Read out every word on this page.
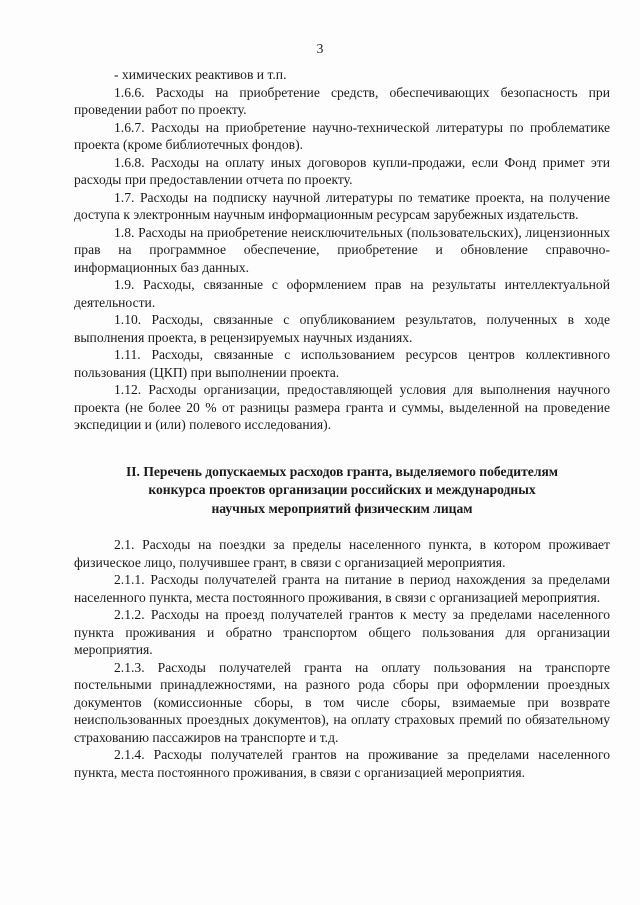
3

- химических реактивов и т.п.

1.6.6. Расходы на приобретение средств, обеспечивающих безопасность при проведении работ по проекту.

1.6.7. Расходы на приобретение научно-технической литературы по проблематике проекта (кроме библиотечных фондов).

1.6.8. Расходы на оплату иных договоров купли-продажи, если Фонд примет эти расходы при предоставлении отчета по проекту.

1.7. Расходы на подписку научной литературы по тематике проекта, на получение доступа к электронным научным информационным ресурсам зарубежных издательств.

1.8. Расходы на приобретение неисключительных (пользовательских), лицензионных прав на программное обеспечение, приобретение и обновление справочно-информационных баз данных.

1.9. Расходы, связанные с оформлением прав на результаты интеллектуальной деятельности.

1.10. Расходы, связанные с опубликованием результатов, полученных в ходе выполнения проекта, в рецензируемых научных изданиях.

1.11. Расходы, связанные с использованием ресурсов центров коллективного пользования (ЦКП) при выполнении проекта.

1.12. Расходы организации, предоставляющей условия для выполнения научного проекта (не более 20 % от разницы размера гранта и суммы, выделенной на проведение экспедиции и (или) полевого исследования).

II. Перечень допускаемых расходов гранта, выделяемого победителям
конкурса проектов организации российских и международных
научных мероприятий физическим лицам

2.1. Расходы на поездки за пределы населенного пункта, в котором проживает физическое лицо, получившее грант, в связи с организацией мероприятия.

2.1.1. Расходы получателей гранта на питание в период нахождения за пределами населенного пункта, места постоянного проживания, в связи с организацией мероприятия.

2.1.2. Расходы на проезд получателей грантов к месту за пределами населенного пункта проживания и обратно транспортом общего пользования для организации мероприятия.

2.1.3. Расходы получателей гранта на оплату пользования на транспорте постельными принадлежностями, на разного рода сборы при оформлении проездных документов (комиссионные сборы, в том числе сборы, взимаемые при возврате неиспользованных проездных документов), на оплату страховых премий по обязательному страхованию пассажиров на транспорте и т.д.

2.1.4. Расходы получателей грантов на проживание за пределами населенного пункта, места постоянного проживания, в связи с организацией мероприятия.
